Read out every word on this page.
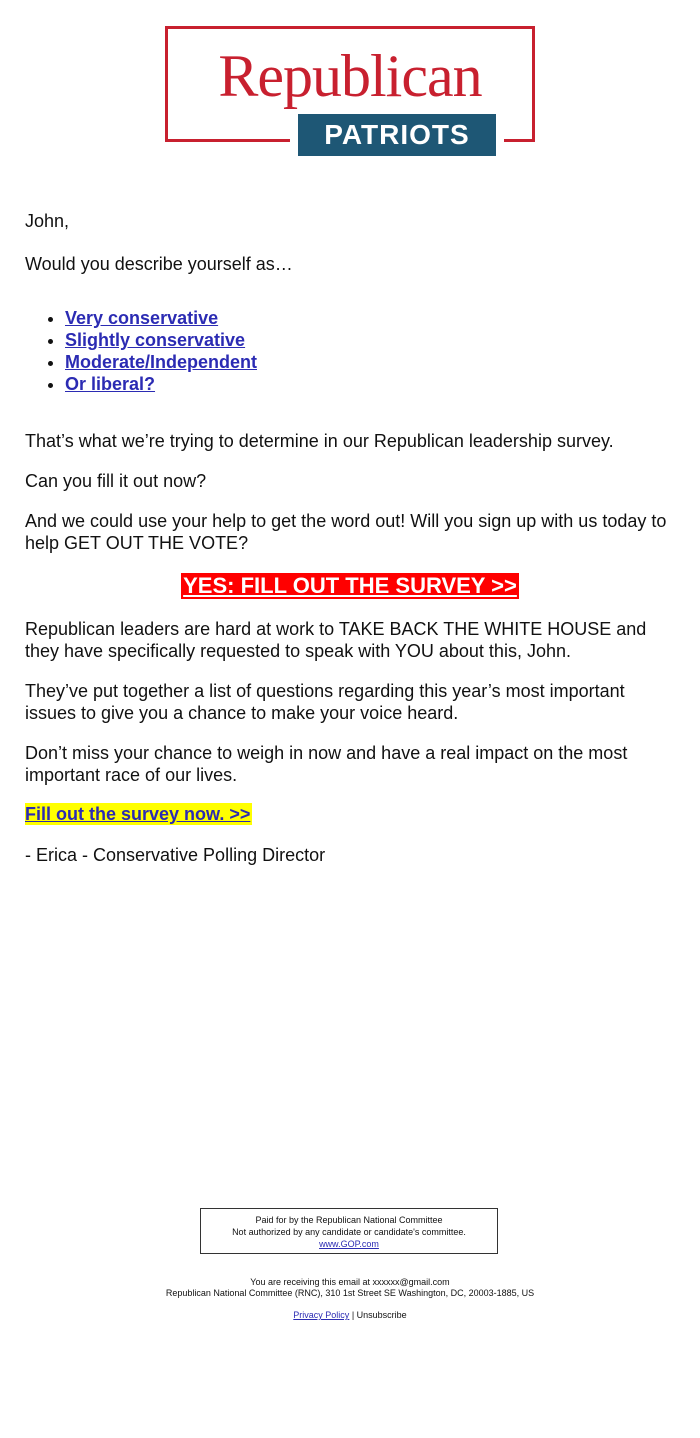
Republican
PATRIOTS

John,

Would you describe yourself as…

• Very conservative
• Slightly conservative
• Moderate/Independent
• Or liberal?

That’s what we’re trying to determine in our Republican leadership survey.

Can you fill it out now?

And we could use your help to get the word out! Will you sign up with us today to help GET OUT THE VOTE?

YES: FILL OUT THE SURVEY >>

Republican leaders are hard at work to TAKE BACK THE WHITE HOUSE and they have specifically requested to speak with YOU about this, John.

They’ve put together a list of questions regarding this year’s most important issues to give you a chance to make your voice heard.

Don’t miss your chance to weigh in now and have a real impact on the most important race of our lives.

Fill out the survey now. >>

- Erica - Conservative Polling Director

Paid for by the Republican National Committee
Not authorized by any candidate or candidate's committee.
www.GOP.com
You are receiving this email at xxxxxx@gmail.com
Republican National Committee (RNC), 310 1st Street SE Washington, DC, 20003-1885, US
Privacy Policy | Unsubscribe
